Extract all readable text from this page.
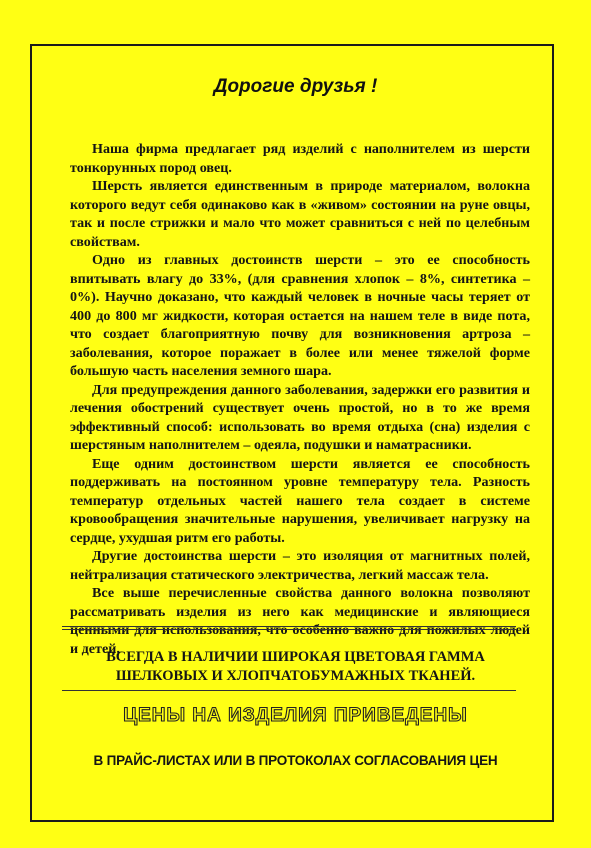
Дорогие друзья !

Наша фирма предлагает ряд изделий с наполнителем из шерсти тонкорунных пород овец.

Шерсть является единственным в природе материалом, волокна которого ведут себя одинаково как в «живом» состоянии на руне овцы, так и после стрижки и мало что может сравниться с ней по целебным свойствам.

Одно из главных достоинств шерсти – это ее способность впитывать влагу до 33%, (для сравнения хлопок – 8%, синтетика – 0%). Научно доказано, что каждый человек в ночные часы теряет от 400 до 800 мг жидкости, которая остается на нашем теле в виде пота, что создает благоприятную почву для возникновения артроза – заболевания, которое поражает в более или менее тяжелой форме большую часть населения земного шара.

Для предупреждения данного заболевания, задержки его развития и лечения обострений существует очень простой, но в то же время эффективный способ: использовать во время отдыха (сна) изделия с шерстяным наполнителем – одеяла, подушки и наматрасники.

Еще одним достоинством шерсти является ее способность поддерживать на постоянном уровне температуру тела. Разность температур отдельных частей нашего тела создает в системе кровообращения значительные нарушения, увеличивает нагрузку на сердце, ухудшая ритм его работы.

Другие достоинства шерсти – это изоляция от магнитных полей, нейтрализация статического электричества, легкий массаж тела.

Все выше перечисленные свойства данного волокна позволяют рассматривать изделия из него как медицинские и являющиеся ценными для использования, что особенно важно для пожилых людей и детей.

ВСЕГДА В НАЛИЧИИ ШИРОКАЯ ЦВЕТОВАЯ ГАММА
ШЕЛКОВЫХ И ХЛОПЧАТОБУМАЖНЫХ ТКАНЕЙ.
ЦЕНЫ НА ИЗДЕЛИЯ ПРИВЕДЕНЫ
В ПРАЙС-ЛИСТАХ ИЛИ В ПРОТОКОЛАХ СОГЛАСОВАНИЯ ЦЕН
